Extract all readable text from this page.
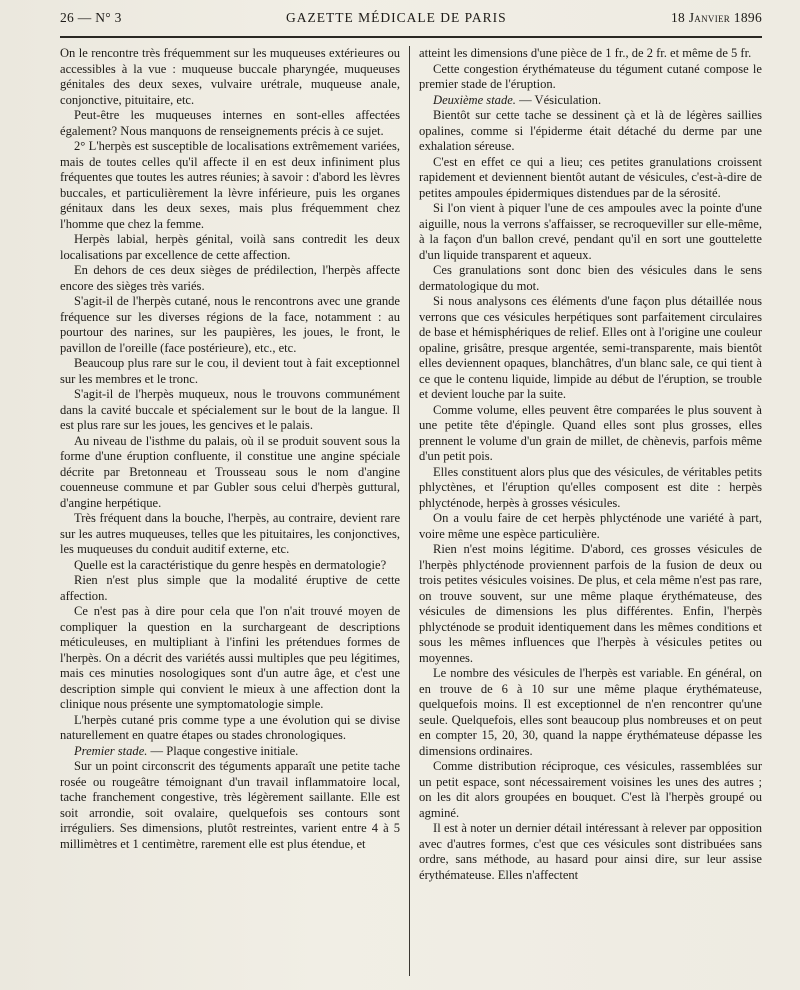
26 — N° 3	GAZETTE MÉDICALE DE PARIS	18 Janvier 1896

On le rencontre très fréquemment sur les muqueuses extérieures ou accessibles à la vue : muqueuse buccale pharyngée, muqueuses génitales des deux sexes, vulvaire urétrale, muqueuse anale, conjonctive, pituitaire, etc.

Peut-être les muqueuses internes en sont-elles affectées également? Nous manquons de renseignements précis à ce sujet.

2° L'herpès est susceptible de localisations extrêmement variées, mais de toutes celles qu'il affecte il en est deux infiniment plus fréquentes que toutes les autres réunies; à savoir : d'abord les lèvres buccales, et particulièrement la lèvre inférieure, puis les organes génitaux dans les deux sexes, mais plus fréquemment chez l'homme que chez la femme.

Herpès labial, herpès génital, voilà sans contredit les deux localisations par excellence de cette affection.

En dehors de ces deux sièges de prédilection, l'herpès affecte encore des sièges très variés.

S'agit-il de l'herpès cutané, nous le rencontrons avec une grande fréquence sur les diverses régions de la face, notamment : au pourtour des narines, sur les paupières, les joues, le front, le pavillon de l'oreille (face postérieure), etc., etc.

Beaucoup plus rare sur le cou, il devient tout à fait exceptionnel sur les membres et le tronc.

S'agit-il de l'herpès muqueux, nous le trouvons communément dans la cavité buccale et spécialement sur le bout de la langue. Il est plus rare sur les joues, les gencives et le palais.

Au niveau de l'isthme du palais, où il se produit souvent sous la forme d'une éruption confluente, il constitue une angine spéciale décrite par Bretonneau et Trousseau sous le nom d'angine couenneuse commune et par Gubler sous celui d'herpès guttural, d'angine herpétique.

Très fréquent dans la bouche, l'herpès, au contraire, devient rare sur les autres muqueuses, telles que les pituitaires, les conjonctives, les muqueuses du conduit auditif externe, etc.

Quelle est la caractéristique du genre hespès en dermatologie?

Rien n'est plus simple que la modalité éruptive de cette affection.

Ce n'est pas à dire pour cela que l'on n'ait trouvé moyen de compliquer la question en la surchargeant de descriptions méticuleuses, en multipliant à l'infini les prétendues formes de l'herpès. On a décrit des variétés aussi multiples que peu légitimes, mais ces minuties nosologiques sont d'un autre âge, et c'est une description simple qui convient le mieux à une affection dont la clinique nous présente une symptomatologie simple.

L'herpès cutané pris comme type a une évolution qui se divise naturellement en quatre étapes ou stades chronologiques.

Premier stade. — Plaque congestive initiale.

Sur un point circonscrit des téguments apparaît une petite tache rosée ou rougeâtre témoignant d'un travail inflammatoire local, tache franchement congestive, très légèrement saillante. Elle est soit arrondie, soit ovalaire, quelquefois ses contours sont irréguliers. Ses dimensions, plutôt restreintes, varient entre 4 à 5 millimètres et 1 centimètre, rarement elle est plus étendue, et

atteint les dimensions d'une pièce de 1 fr., de 2 fr. et même de 5 fr.

Cette congestion érythémateuse du tégument cutané compose le premier stade de l'éruption.

Deuxième stade. — Vésiculation.

Bientôt sur cette tache se dessinent çà et là de légères saillies opalines, comme si l'épiderme était détaché du derme par une exhalation séreuse.

C'est en effet ce qui a lieu; ces petites granulations croissent rapidement et deviennent bientôt autant de vésicules, c'est-à-dire de petites ampoules épidermiques distendues par de la sérosité.

Si l'on vient à piquer l'une de ces ampoules avec la pointe d'une aiguille, nous la verrons s'affaisser, se recroqueviller sur elle-même, à la façon d'un ballon crevé, pendant qu'il en sort une gouttelette d'un liquide transparent et aqueux.

Ces granulations sont donc bien des vésicules dans le sens dermatologique du mot.

Si nous analysons ces éléments d'une façon plus détaillée nous verrons que ces vésicules herpétiques sont parfaitement circulaires de base et hémisphériques de relief. Elles ont à l'origine une couleur opaline, grisâtre, presque argentée, semi-transparente, mais bientôt elles deviennent opaques, blanchâtres, d'un blanc sale, ce qui tient à ce que le contenu liquide, limpide au début de l'éruption, se trouble et devient louche par la suite.

Comme volume, elles peuvent être comparées le plus souvent à une petite tête d'épingle. Quand elles sont plus grosses, elles prennent le volume d'un grain de millet, de chènevis, parfois même d'un petit pois.

Elles constituent alors plus que des vésicules, de véritables petits phlyctènes, et l'éruption qu'elles composent est dite : herpès phlycténode, herpès à grosses vésicules.

On a voulu faire de cet herpès phlycténode une variété à part, voire même une espèce particulière.

Rien n'est moins légitime. D'abord, ces grosses vésicules de l'herpès phlycténode proviennent parfois de la fusion de deux ou trois petites vésicules voisines. De plus, et cela même n'est pas rare, on trouve souvent, sur une même plaque érythémateuse, des vésicules de dimensions les plus différentes. Enfin, l'herpès phlycténode se produit identiquement dans les mêmes conditions et sous les mêmes influences que l'herpès à vésicules petites ou moyennes.

Le nombre des vésicules de l'herpès est variable. En général, on en trouve de 6 à 10 sur une même plaque érythémateuse, quelquefois moins. Il est exceptionnel de n'en rencontrer qu'une seule. Quelquefois, elles sont beaucoup plus nombreuses et on peut en compter 15, 20, 30, quand la nappe érythémateuse dépasse les dimensions ordinaires.

Comme distribution réciproque, ces vésicules, rassemblées sur un petit espace, sont nécessairement voisines les unes des autres ; on les dit alors groupées en bouquet. C'est là l'herpès groupé ou agminé.

Il est à noter un dernier détail intéressant à relever par opposition avec d'autres formes, c'est que ces vésicules sont distribuées sans ordre, sans méthode, au hasard pour ainsi dire, sur leur assise érythémateuse. Elles n'affectent
